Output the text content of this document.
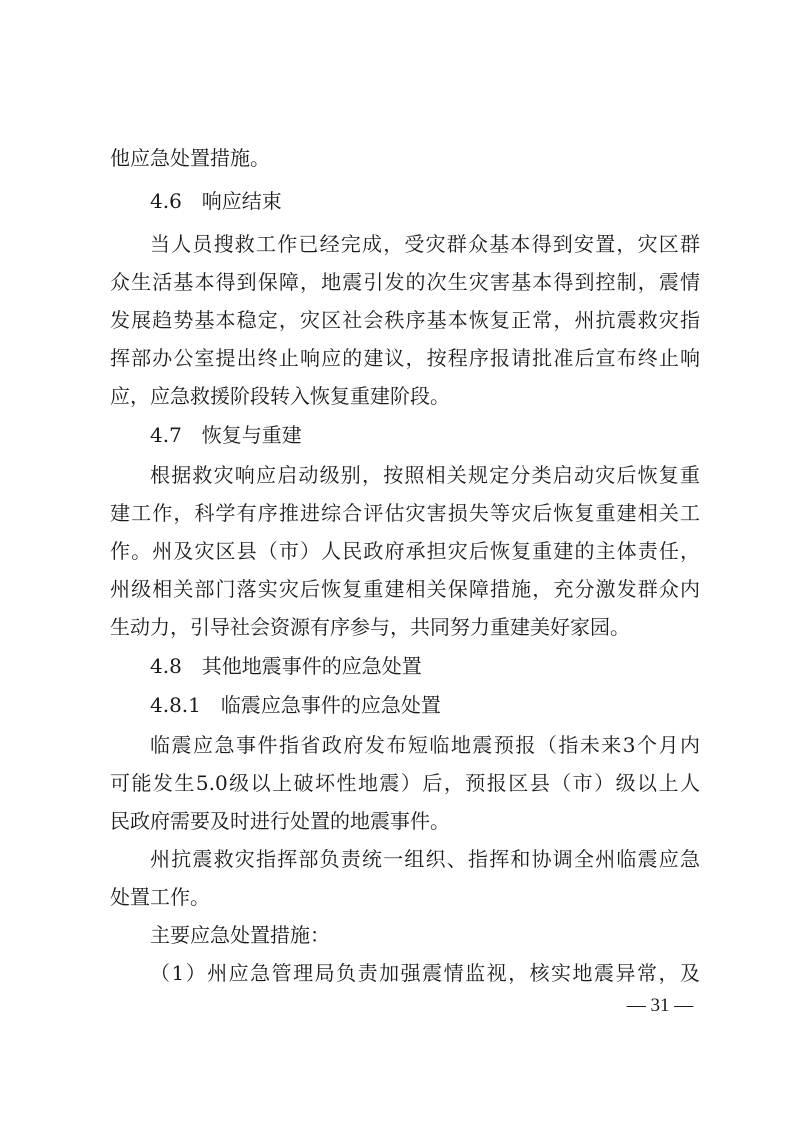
他应急处置措施。
4.6　响应结束
当人员搜救工作已经完成，受灾群众基本得到安置，灾区群
众生活基本得到保障，地震引发的次生灾害基本得到控制，震情
发展趋势基本稳定，灾区社会秩序基本恢复正常，州抗震救灾指
挥部办公室提出终止响应的建议，按程序报请批准后宣布终止响
应，应急救援阶段转入恢复重建阶段。
4.7　恢复与重建
根据救灾响应启动级别，按照相关规定分类启动灾后恢复重
建工作，科学有序推进综合评估灾害损失等灾后恢复重建相关工
作。州及灾区县（市）人民政府承担灾后恢复重建的主体责任，
州级相关部门落实灾后恢复重建相关保障措施，充分激发群众内
生动力，引导社会资源有序参与，共同努力重建美好家园。
4.8　其他地震事件的应急处置
4.8.1　临震应急事件的应急处置
临震应急事件指省政府发布短临地震预报（指未来3个月内
可能发生5.0级以上破坏性地震）后，预报区县（市）级以上人
民政府需要及时进行处置的地震事件。
州抗震救灾指挥部负责统一组织、指挥和协调全州临震应急
处置工作。
主要应急处置措施：
（1）州应急管理局负责加强震情监视，核实地震异常，及
— 31 —
